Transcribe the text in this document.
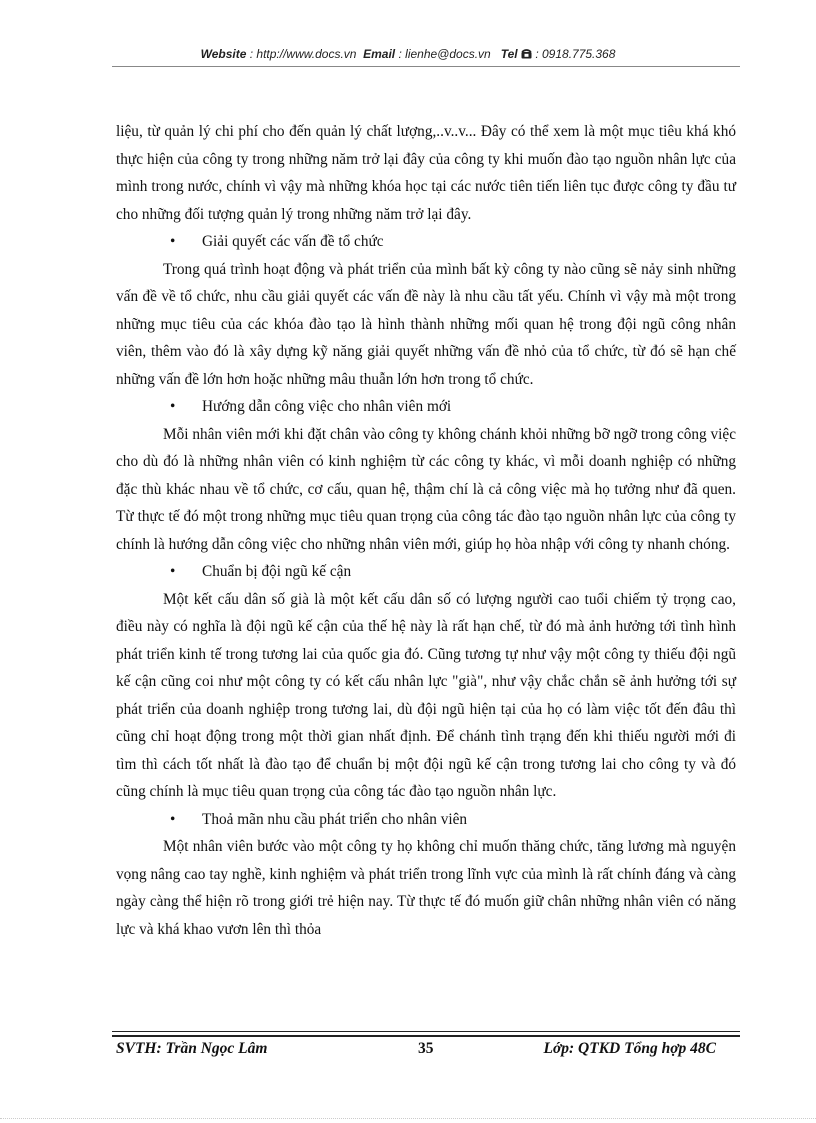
Website : http://www.docs.vn Email : lienhe@docs.vn Tel : 0918.775.368

liệu, từ quản lý chi phí cho đến quản lý chất lượng,..v..v... Đây có thể xem là một mục tiêu khá khó thực hiện của công ty trong những năm trở lại đây của công ty khi muốn đào tạo nguồn nhân lực của mình trong nước, chính vì vậy mà những khóa học tại các nước tiên tiến liên tục được công ty đầu tư cho những đối tượng quản lý trong những năm trở lại đây.

• Giải quyết các vấn đề tổ chức

Trong quá trình hoạt động và phát triển của mình bất kỳ công ty nào cũng sẽ nảy sinh những vấn đề về tổ chức, nhu cầu giải quyết các vấn đề này là nhu cầu tất yếu. Chính vì vậy mà một trong những mục tiêu của các khóa đào tạo là hình thành những mối quan hệ trong đội ngũ công nhân viên, thêm vào đó là xây dựng kỹ năng giải quyết những vấn đề nhỏ của tổ chức, từ đó sẽ hạn chế những vấn đề lớn hơn hoặc những mâu thuẫn lớn hơn trong tổ chức.

• Hướng dẫn công việc cho nhân viên mới

Mỗi nhân viên mới khi đặt chân vào công ty không chánh khỏi những bỡ ngỡ trong công việc cho dù đó là những nhân viên có kinh nghiệm từ các công ty khác, vì mỗi doanh nghiệp có những đặc thù khác nhau về tổ chức, cơ cấu, quan hệ, thậm chí là cả công việc mà họ tưởng như đã quen. Từ thực tế đó một trong những mục tiêu quan trọng của công tác đào tạo nguồn nhân lực của công ty chính là hướng dẫn công việc cho những nhân viên mới, giúp họ hòa nhập với công ty nhanh chóng.

• Chuẩn bị đội ngũ kế cận

Một kết cấu dân số già là một kết cấu dân số có lượng người cao tuổi chiếm tỷ trọng cao, điều này có nghĩa là đội ngũ kế cận của thế hệ này là rất hạn chế, từ đó mà ảnh hưởng tới tình hình phát triển kinh tế trong tương lai của quốc gia đó. Cũng tương tự như vậy một công ty thiếu đội ngũ kế cận cũng coi như một công ty có kết cấu nhân lực "già", như vậy chắc chắn sẽ ảnh hưởng tới sự phát triển của doanh nghiệp trong tương lai, dù đội ngũ hiện tại của họ có làm việc tốt đến đâu thì cũng chỉ hoạt động trong một thời gian nhất định. Để chánh tình trạng đến khi thiếu người mới đi tìm thì cách tốt nhất là đào tạo để chuẩn bị một đội ngũ kế cận trong tương lai cho công ty và đó cũng chính là mục tiêu quan trọng của công tác đào tạo nguồn nhân lực.

• Thoả mãn nhu cầu phát triển cho nhân viên

Một nhân viên bước vào một công ty họ không chỉ muốn thăng chức, tăng lương mà nguyện vọng nâng cao tay nghề, kinh nghiệm và phát triển trong lĩnh vực của mình là rất chính đáng và càng ngày càng thể hiện rõ trong giới trẻ hiện nay. Từ thực tế đó muốn giữ chân những nhân viên có năng lực và khá khao vươn lên thì thỏa

SVTH: Trần Ngọc Lâm	35	Lớp: QTKD Tổng hợp 48C
